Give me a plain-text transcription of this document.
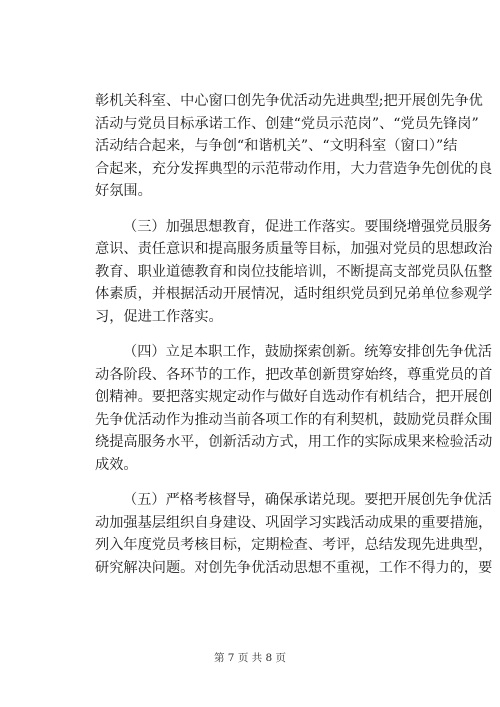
彰机关科室、中心窗口创先争优活动先进典型;把开展创先争优
活动与党员目标承诺工作、创建“党员示范岗”、“党员先锋岗”
活动结合起来，与争创“和谐机关”、“文明科室（窗口）”结
合起来，充分发挥典型的示范带动作用，大力营造争先创优的良
好氛围。
（三）加强思想教育，促进工作落实。要围绕增强党员服务
意识、责任意识和提高服务质量等目标，加强对党员的思想政治
教育、职业道德教育和岗位技能培训，不断提高支部党员队伍整
体素质，并根据活动开展情况，适时组织党员到兄弟单位参观学
习，促进工作落实。
（四）立足本职工作，鼓励探索创新。统筹安排创先争优活
动各阶段、各环节的工作，把改革创新贯穿始终，尊重党员的首
创精神。要把落实规定动作与做好自选动作有机结合，把开展创
先争优活动作为推动当前各项工作的有利契机，鼓励党员群众围
绕提高服务水平，创新活动方式，用工作的实际成果来检验活动
成效。
（五）严格考核督导，确保承诺兑现。要把开展创先争优活
动加强基层组织自身建设、巩固学习实践活动成果的重要措施，
列入年度党员考核目标，定期检查、考评，总结发现先进典型，
研究解决问题。对创先争优活动思想不重视，工作不得力的，要
第 7 页 共 8 页
